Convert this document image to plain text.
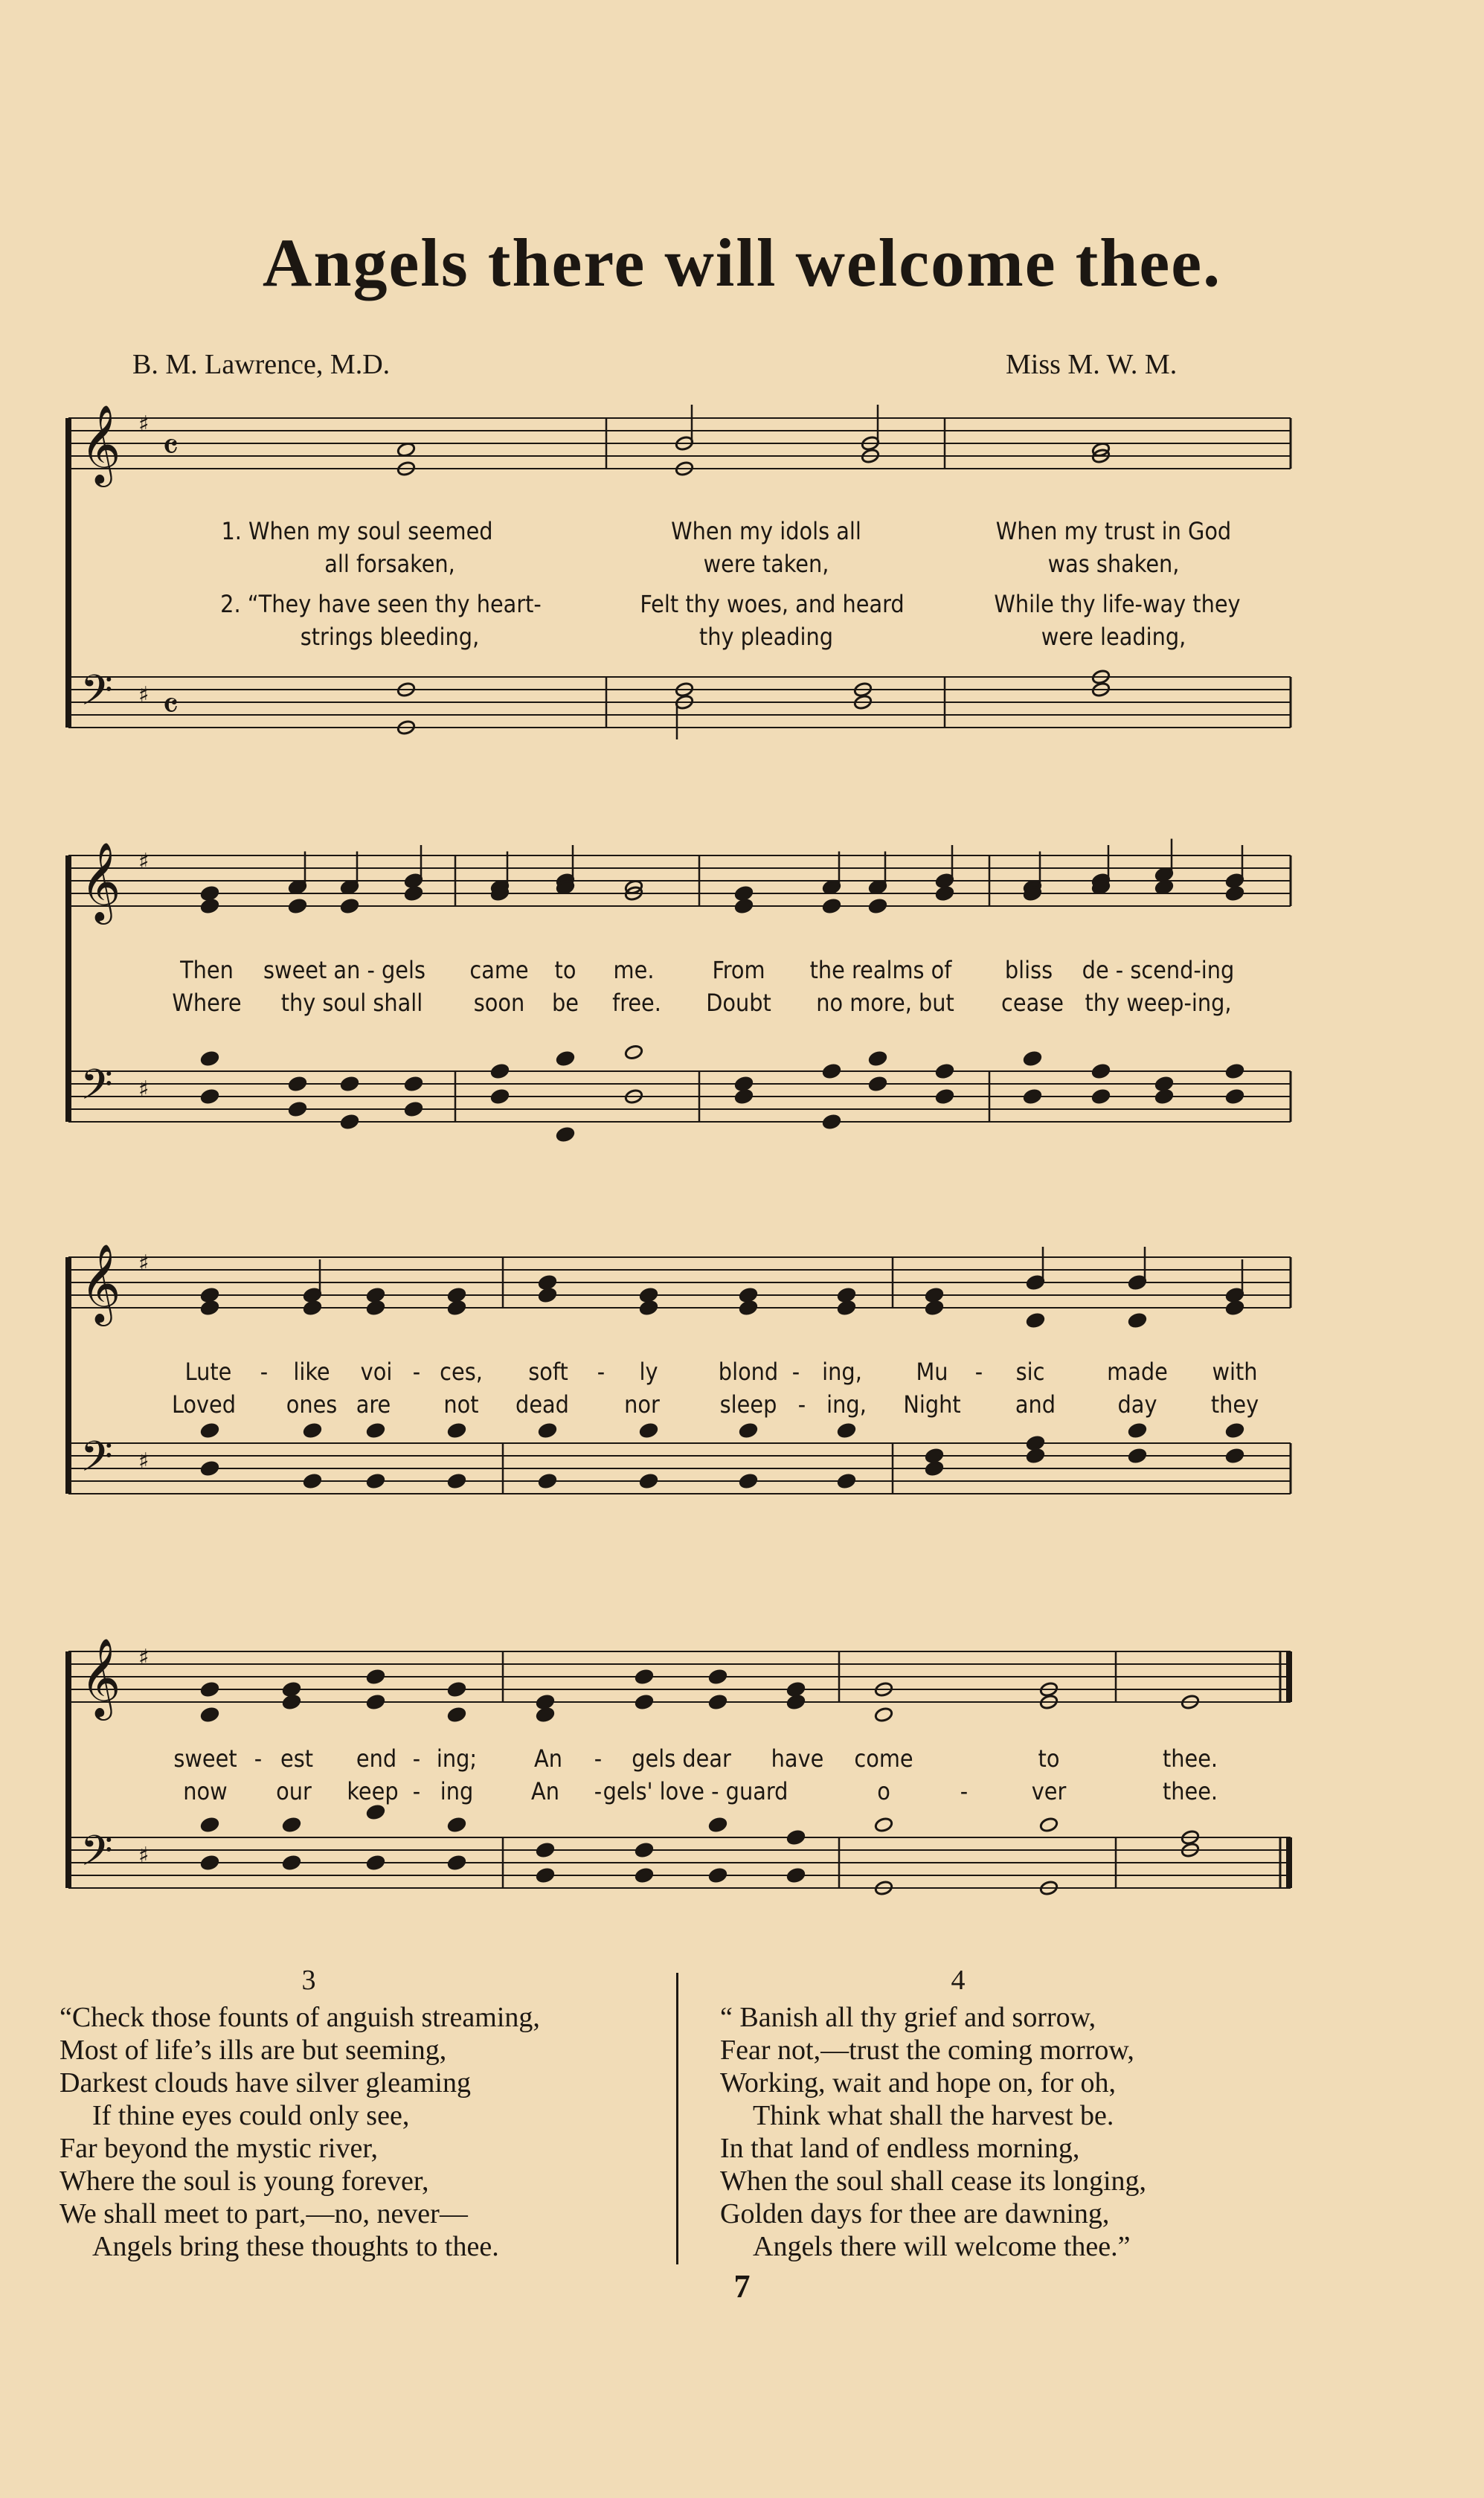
Angels there will welcome thee.
B. M. Lawrence, M.D.	Miss M. W. M.
𝄞
𝄢
♯
♯
𝄴
𝄴
1. When my soul seemed	When my idols all	When my trust in God
all forsaken,	were taken,	was shaken,
2. “They have seen thy heart-	Felt thy woes, and heard	While thy life-way they
strings bleeding,	thy pleading	were leading,
𝄞
𝄢
♯
♯
Then sweet an - gels came to me. From the realms of bliss de - scend-ing
Where thy soul shall soon be free. Doubt no more, but cease thy weep-ing,
𝄞
𝄢
♯
♯
Lute - like voi - ces, soft - ly	blond - ing, Mu - sic	made with
Loved ones are not dead nor	sleep - ing, Night and	day they
𝄞
𝄢
♯
♯
sweet - est end - ing; An - gels dear have come	to	thee.
now our keep - ing An - gels' love - guard	o	-	ver	thee.
3
“Check those founts of anguish streaming,
Most of life’s ills are but seeming,
Darkest clouds have silver gleaming
If thine eyes could only see,
Far beyond the mystic river,
Where the soul is young forever,
We shall meet to part,—no, never—
Angels bring these thoughts to thee.
4
“ Banish all thy grief and sorrow,
Fear not,—trust the coming morrow,
Working, wait and hope on, for oh,
Think what shall the harvest be.
In that land of endless morning,
When the soul shall cease its longing,
Golden days for thee are dawning,
Angels there will welcome thee.”
7
